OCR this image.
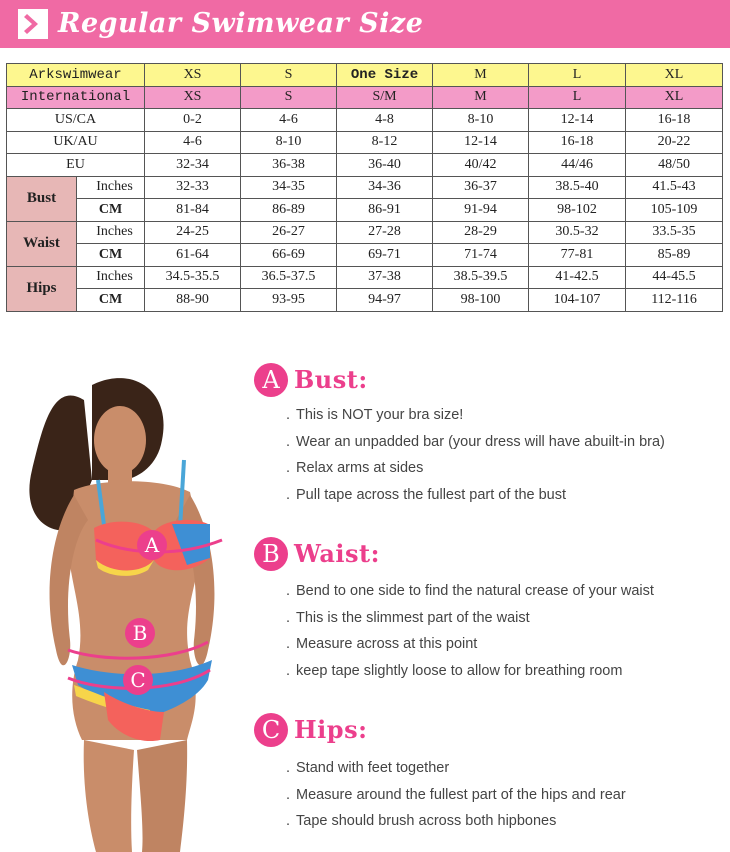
Regular Swimwear Size
Arkswimwear		XS	S	One Size	M	L	XL
International		XS	S	S/M	M	L	XL
US/CA		0-2	4-6	4-8	8-10	12-14	16-18
UK/AU		4-6	8-10	8-12	12-14	16-18	20-22
EU		32-34	36-38	36-40	40/42	44/46	48/50
Bust	Inches	32-33	34-35	34-36	36-37	38.5-40	41.5-43
	CM	81-84	86-89	86-91	91-94	98-102	105-109
Waist	Inches	24-25	26-27	27-28	28-29	30.5-32	33.5-35
	CM	61-64	66-69	69-71	71-74	77-81	85-89
Hips	Inches	34.5-35.5	36.5-37.5	37-38	38.5-39.5	41-42.5	44-45.5
	CM	88-90	93-95	94-97	98-100	104-107	112-116
A
B
C
A Bust:
. This is NOT your bra size!
. Wear an unpadded bar (your dress will have abuilt-in bra)
. Relax arms at sides
. Pull tape across the fullest part of the bust
B Waist:
. Bend to one side to find the natural crease of your waist
. This is the slimmest part of the waist
. Measure across at this point
. keep tape slightly loose to allow for breathing room
C Hips:
. Stand with feet together
. Measure around the fullest part of the hips and rear
. Tape should brush across both hipbones
